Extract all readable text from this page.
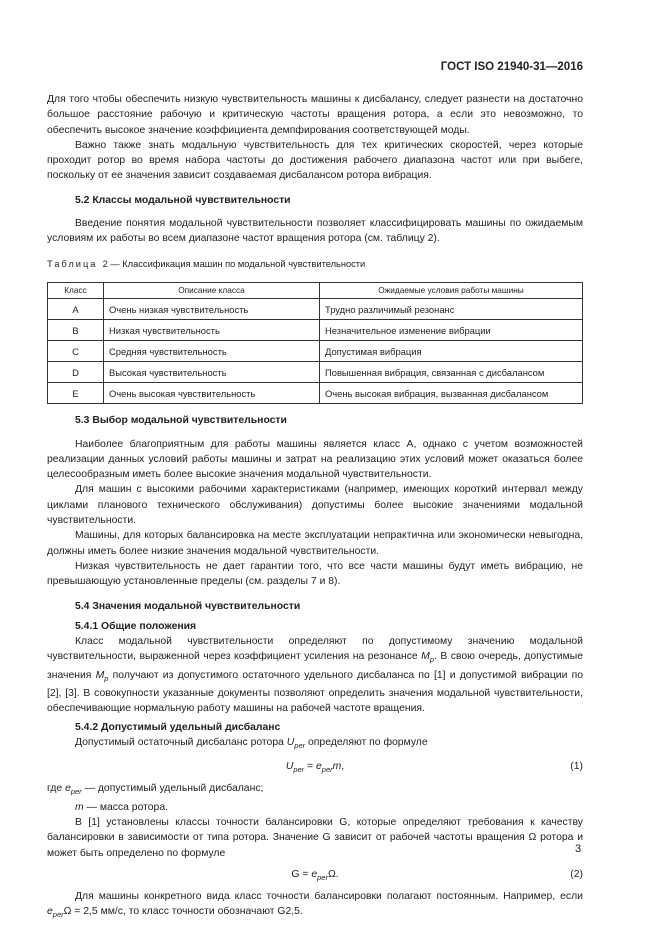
ГОСТ ISO 21940-31—2016

Для того чтобы обеспечить низкую чувствительность машины к дисбалансу, следует разнести на достаточно большое расстояние рабочую и критическую частоты вращения ротора, а если это невозможно, то обеспечить высокое значение коэффициента демпфирования соответствующей моды.

Важно также знать модальную чувствительность для тех критических скоростей, через которые проходит ротор во время набора частоты до достижения рабочего диапазона частот или при выбеге, поскольку от ее значения зависит создаваемая дисбалансом ротора вибрация.

5.2 Классы модальной чувствительности

Введение понятия модальной чувствительности позволяет классифицировать машины по ожидаемым условиям их работы во всем диапазоне частот вращения ротора (см. таблицу 2).

Таблица 2 — Классификация машин по модальной чувствительности
Класс	Описание класса	Ожидаемые условия работы машины
A	Очень низкая чувствительность	Трудно различимый резонанс
B	Низкая чувствительность	Незначительное изменение вибрации
C	Средняя чувствительность	Допустимая вибрация
D	Высокая чувствительность	Повышенная вибрация, связанная с дисбалансом
E	Очень высокая чувствительность	Очень высокая вибрация, вызванная дисбалансом
5.3 Выбор модальной чувствительности

Наиболее благоприятным для работы машины является класс A, однако с учетом возможностей реализации данных условий работы машины и затрат на реализацию этих условий может оказаться более целесообразным иметь более высокие значения модальной чувствительности.

Для машин с высокими рабочими характеристиками (например, имеющих короткий интервал между циклами планового технического обслуживания) допустимы более высокие значениями модальной чувствительности.

Машины, для которых балансировка на месте эксплуатации непрактична или экономически невыгодна, должны иметь более низкие значения модальной чувствительности.

Низкая чувствительность не дает гарантии того, что все части машины будут иметь вибрацию, не превышающую установленные пределы (см. разделы 7 и 8).

5.4 Значения модальной чувствительности
5.4.1 Общие положения

Класс модальной чувствительности определяют по допустимому значению модальной чувствительности, выраженной через коэффициент усиления на резонансе $M_p$. В свою очередь, допустимые значения $M_p$ получают из допустимого остаточного удельного дисбаланса по [1] и допустимой вибрации по [2], [3]. В совокупности указанные документы позволяют определить значения модальной чувствительности, обеспечивающие нормальную работу машины на рабочей частоте вращения.

5.4.2 Допустимый удельный дисбаланс

Допустимый остаточный дисбаланс ротора $U_{per}$ определяют по формуле

$U_{per} = e_{per}m$,	(1)

где $e_{per}$ — допустимый удельный дисбаланс;

m — масса ротора.

В [1] установлены классы точности балансировки G, которые определяют требования к качеству балансировки в зависимости от типа ротора. Значение G зависит от рабочей частоты вращения Ω ротора и может быть определено по формуле

$G = e_{per}\Omega$.	(2)

Для машины конкретного вида класс точности балансировки полагают постоянным. Например, если $e_{per}\Omega = 2,5$ мм/с, то класс точности обозначают G2,5.

3
